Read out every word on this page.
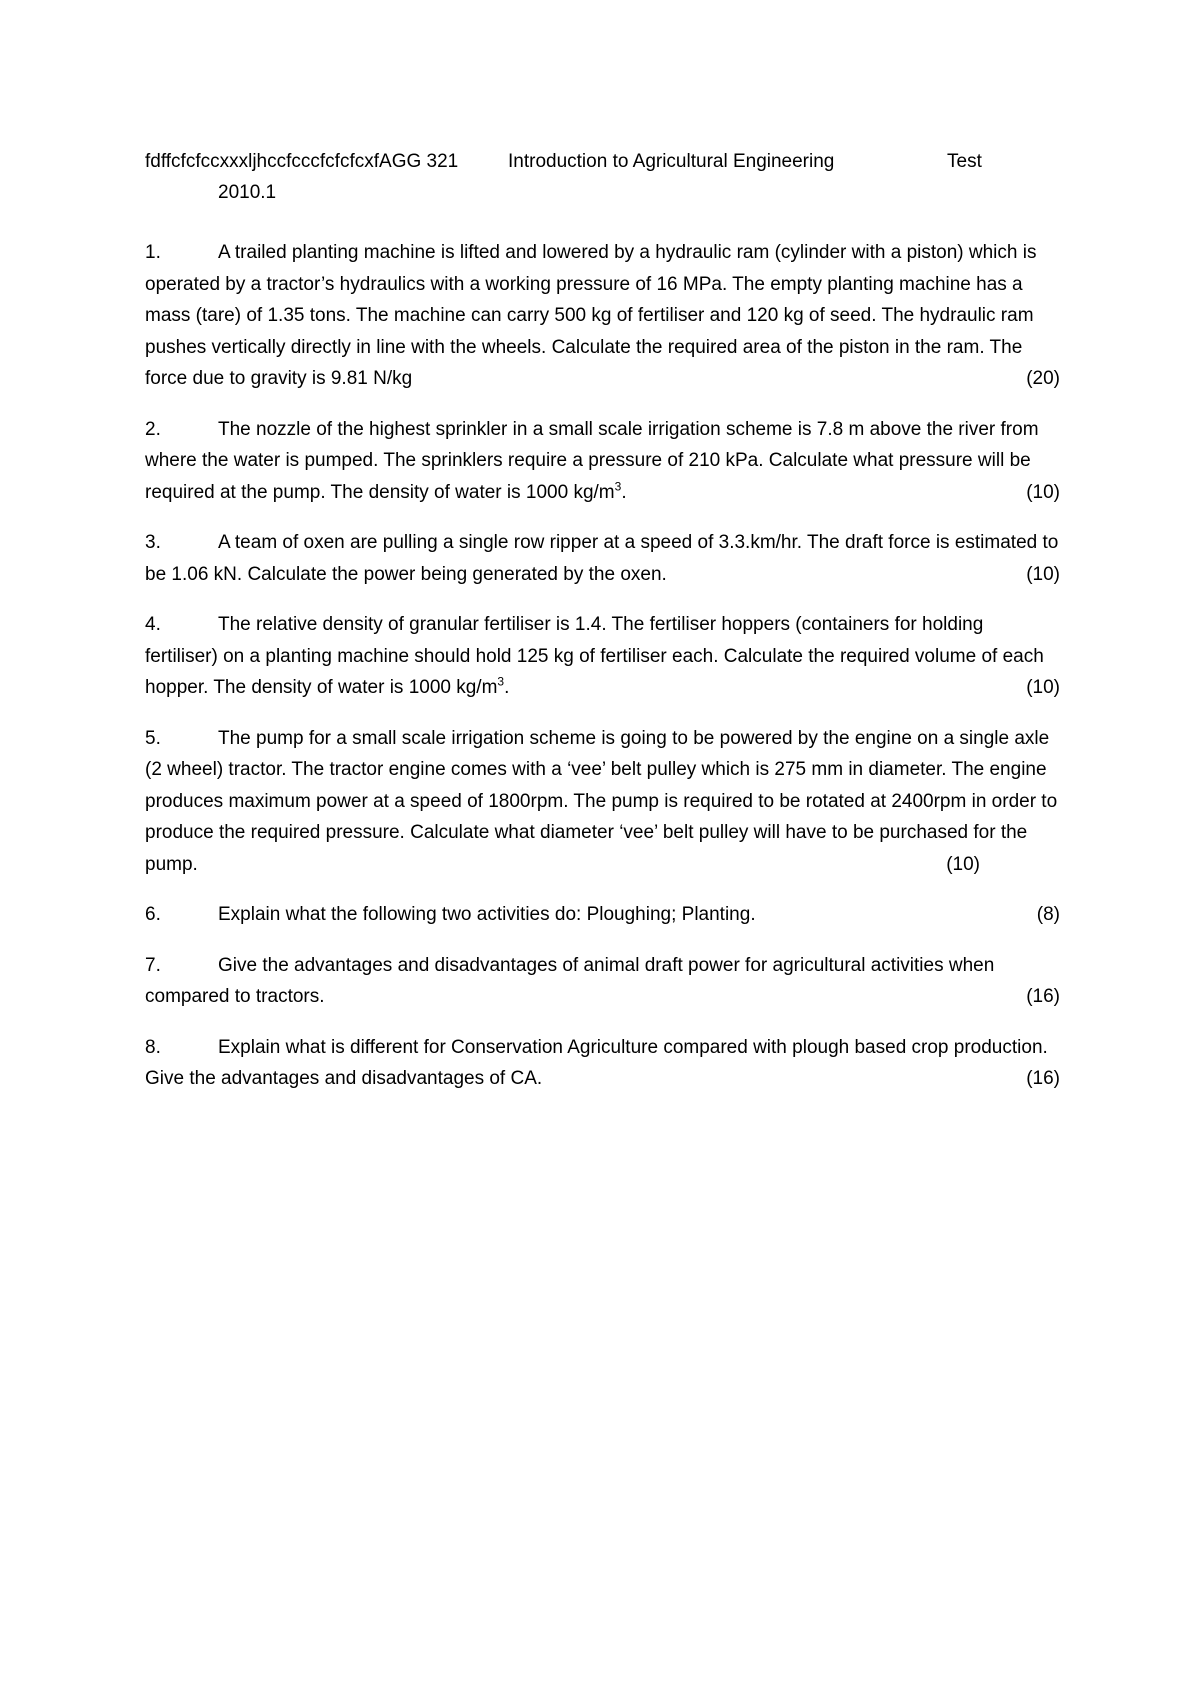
fdffcfcfccxxxljhccfcccfcfcfcxfAGG 321	Introduction to Agricultural Engineering	Test
2010.1

1.	A trailed planting machine is lifted and lowered by a hydraulic ram (cylinder with a piston) which is operated by a tractor’s hydraulics with a working pressure of 16 MPa. The empty planting machine has a mass (tare) of 1.35 tons. The machine can carry 500 kg of fertiliser and 120 kg of seed. The hydraulic ram pushes vertically directly in line with the wheels. Calculate the required area of the piston in the ram. The force due to gravity is 9.81 N/kg	(20)

2.	The nozzle of the highest sprinkler in a small scale irrigation scheme is 7.8 m above the river from where the water is pumped. The sprinklers require a pressure of 210 kPa. Calculate what pressure will be required at the pump. The density of water is 1000 $kg/m^3$.	(10)

3.	A team of oxen are pulling a single row ripper at a speed of 3.3.km/hr. The draft force is estimated to be 1.06 kN. Calculate the power being generated by the oxen.	(10)

4.	The relative density of granular fertiliser is 1.4. The fertiliser hoppers (containers for holding fertiliser) on a planting machine should hold 125 kg of fertiliser each. Calculate the required volume of each hopper. The density of water is 1000 $kg/m^3$.	(10)

5.	The pump for a small scale irrigation scheme is going to be powered by the engine on a single axle (2 wheel) tractor. The tractor engine comes with a ‘vee’ belt pulley which is 275 mm in diameter. The engine produces maximum power at a speed of 1800rpm. The pump is required to be rotated at 2400rpm in order to produce the required pressure. Calculate what diameter ‘vee’ belt pulley will have to be purchased for the pump.	(10)

6.	Explain what the following two activities do: Ploughing; Planting.	(8)

7.	Give the advantages and disadvantages of animal draft power for agricultural activities when compared to tractors.	(16)

8.	Explain what is different for Conservation Agriculture compared with plough based crop production. Give the advantages and disadvantages of CA.	(16)
